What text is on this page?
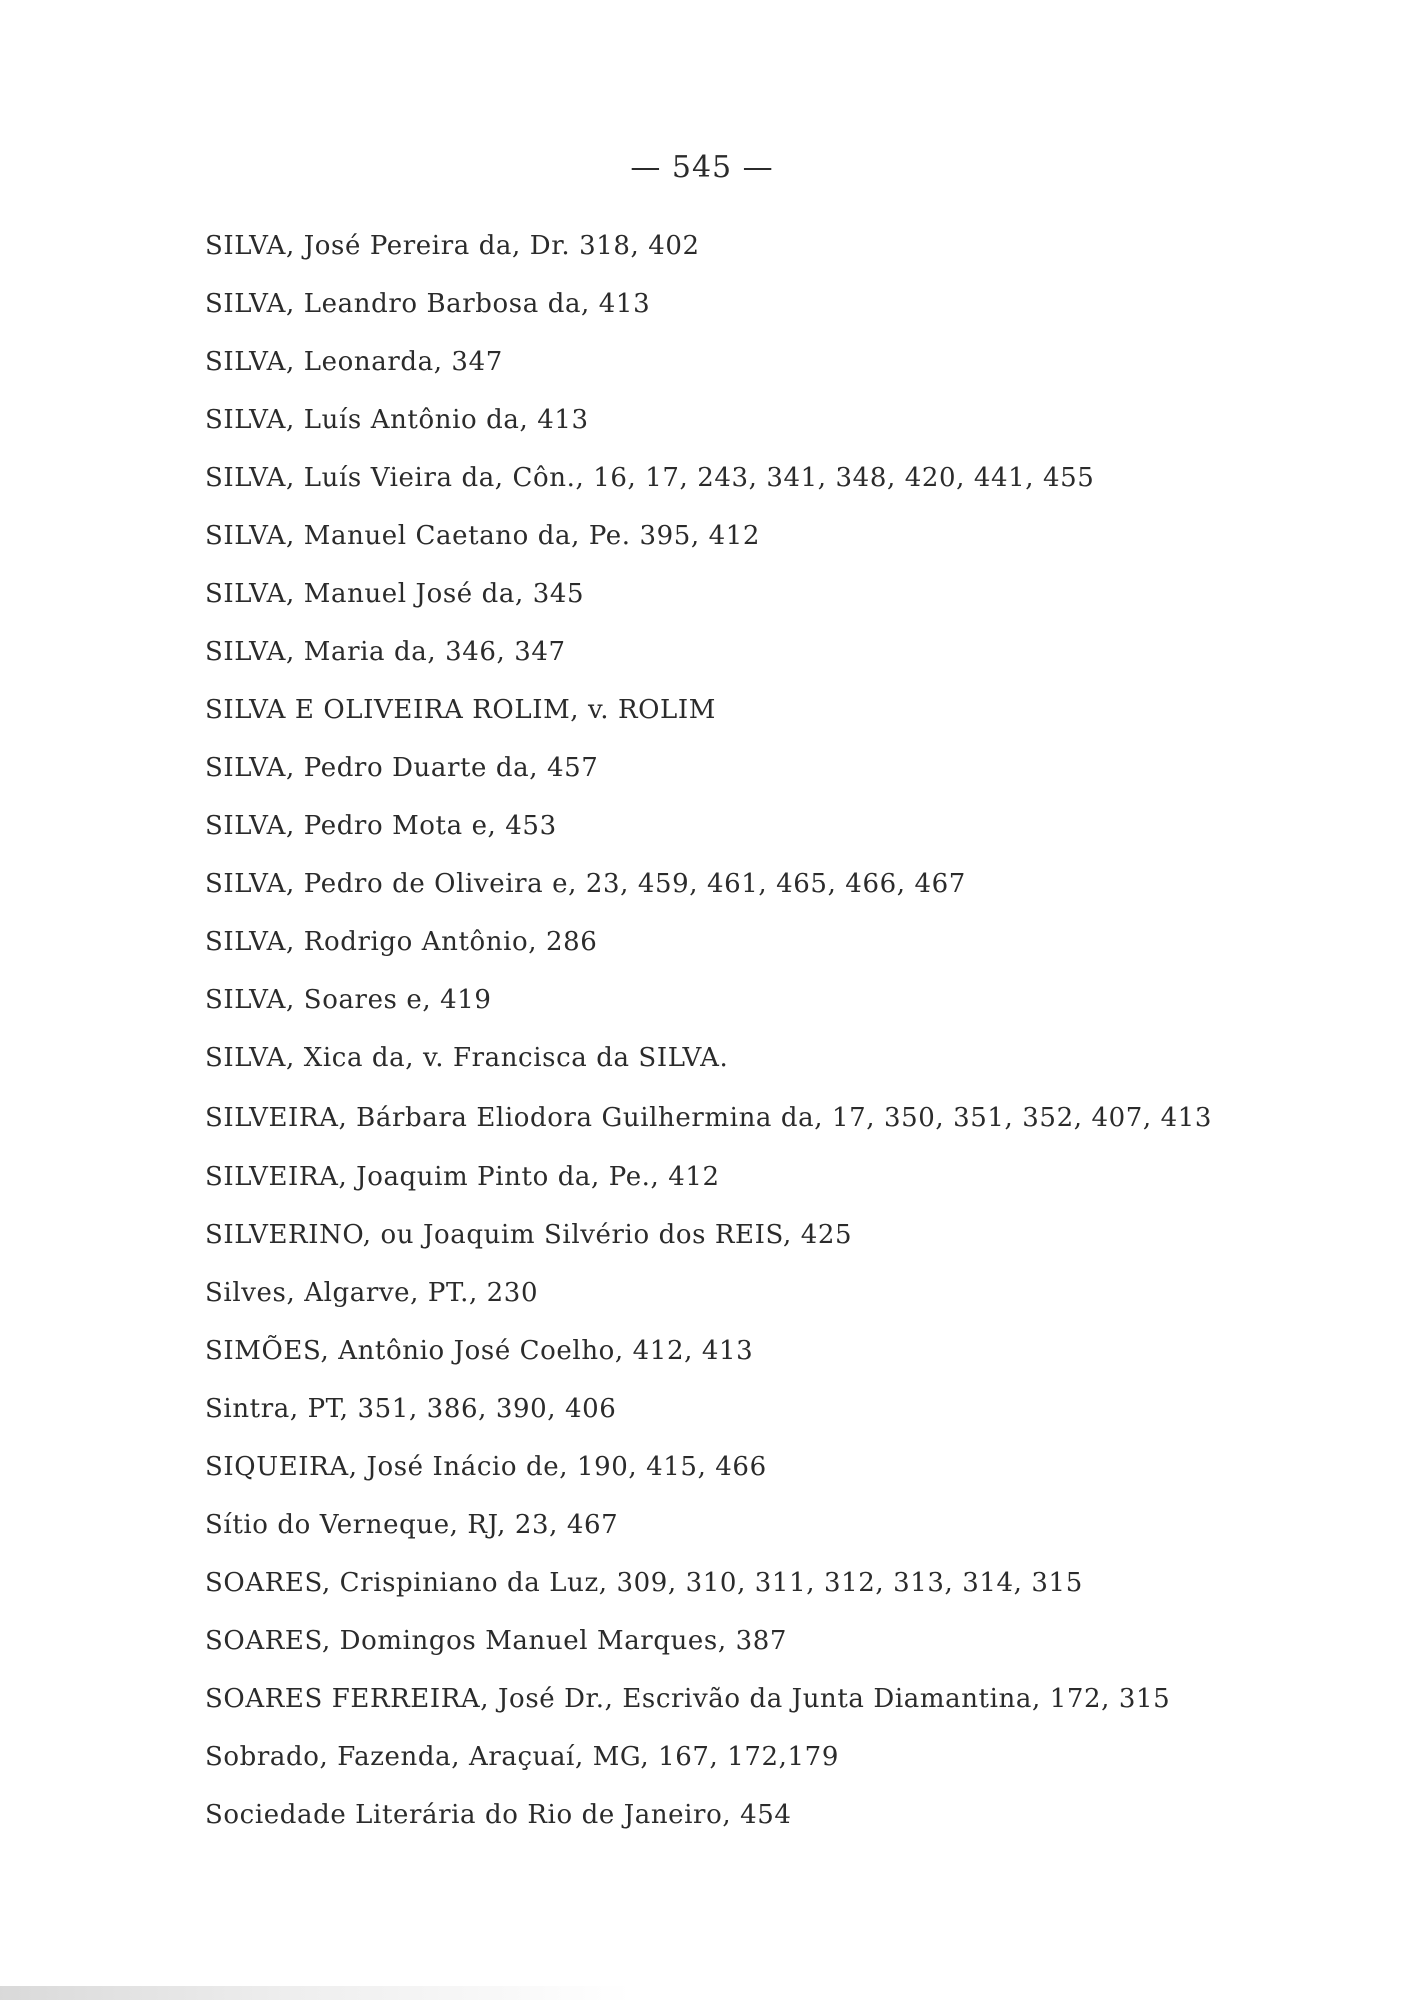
— 545 —
SILVA, José Pereira da, Dr. 318, 402
SILVA, Leandro Barbosa da, 413
SILVA, Leonarda, 347
SILVA, Luís Antônio da, 413
SILVA, Luís Vieira da, Côn., 16, 17, 243, 341, 348, 420, 441, 455
SILVA, Manuel Caetano da, Pe. 395, 412
SILVA, Manuel José da, 345
SILVA, Maria da, 346, 347
SILVA E OLIVEIRA ROLIM, v. ROLIM
SILVA, Pedro Duarte da, 457
SILVA, Pedro Mota e, 453
SILVA, Pedro de Oliveira e, 23, 459, 461, 465, 466, 467
SILVA, Rodrigo Antônio, 286
SILVA, Soares e, 419
SILVA, Xica da, v. Francisca da SILVA.
SILVEIRA, Bárbara Eliodora Guilhermina da, 17, 350, 351, 352, 407, 413
SILVEIRA, Joaquim Pinto da, Pe., 412
SILVERINO, ou Joaquim Silvério dos REIS, 425
Silves, Algarve, PT., 230
SIMÕES, Antônio José Coelho, 412, 413
Sintra, PT, 351, 386, 390, 406
SIQUEIRA, José Inácio de, 190, 415, 466
Sítio do Verneque, RJ, 23, 467
SOARES, Crispiniano da Luz, 309, 310, 311, 312, 313, 314, 315
SOARES, Domingos Manuel Marques, 387
SOARES FERREIRA, José Dr., Escrivão da Junta Diamantina, 172, 315
Sobrado, Fazenda, Araçuaí, MG, 167, 172,179
Sociedade Literária do Rio de Janeiro, 454
